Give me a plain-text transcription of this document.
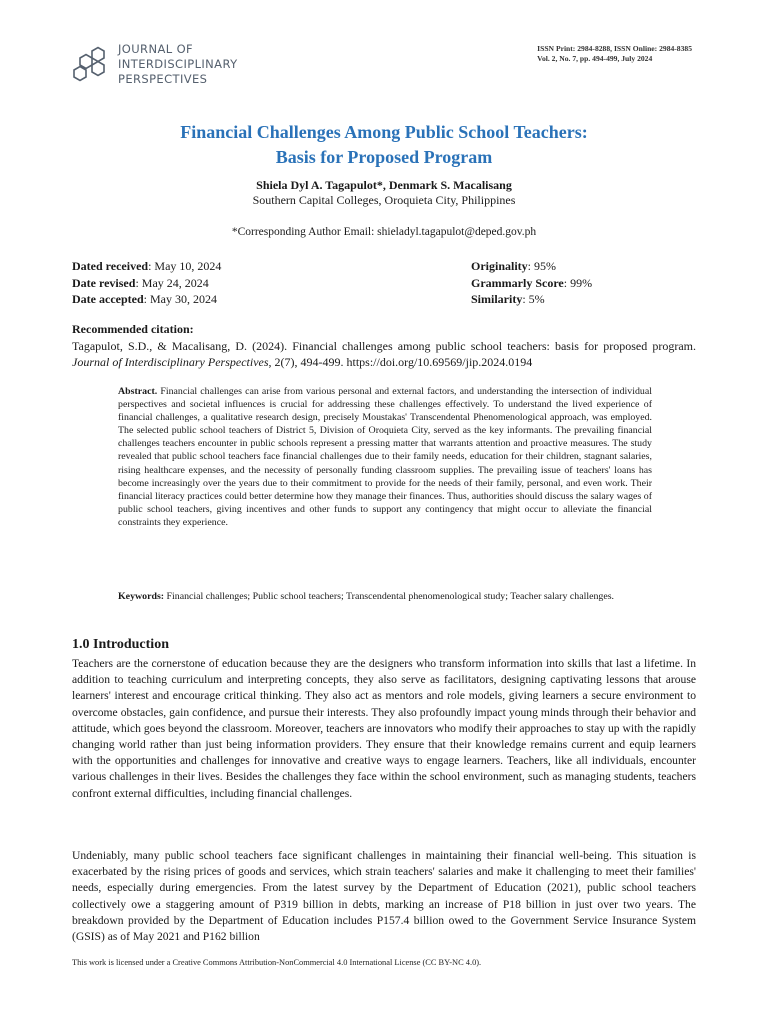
JOURNAL OF
INTERDISCIPLINARY
PERSPECTIVES
ISSN Print: 2984-8288, ISSN Online: 2984-8385
Vol. 2, No. 7, pp. 494-499, July 2024
Financial Challenges Among Public School Teachers:
Basis for Proposed Program
Shiela Dyl A. Tagapulot*, Denmark S. Macalisang
Southern Capital Colleges, Oroquieta City, Philippines
*Corresponding Author Email: shieladyl.tagapulot@deped.gov.ph
Dated received: May 10, 2024
Date revised: May 24, 2024
Date accepted: May 30, 2024
Originality: 95%
Grammarly Score: 99%
Similarity: 5%
Recommended citation:
Tagapulot, S.D., & Macalisang, D. (2024). Financial challenges among public school teachers: basis for proposed program. Journal of Interdisciplinary Perspectives, 2(7), 494-499. https://doi.org/10.69569/jip.2024.0194
Abstract. Financial challenges can arise from various personal and external factors, and understanding the intersection of individual perspectives and societal influences is crucial for addressing these challenges effectively. To understand the lived experience of financial challenges, a qualitative research design, precisely Moustakas' Transcendental Phenomenological approach, was employed. The selected public school teachers of District 5, Division of Oroquieta City, served as the key informants. The prevailing financial challenges teachers encounter in public schools represent a pressing matter that warrants attention and proactive measures. The study revealed that public school teachers face financial challenges due to their family needs, education for their children, stagnant salaries, rising healthcare expenses, and the necessity of personally funding classroom supplies. The prevailing issue of teachers' loans has become increasingly over the years due to their commitment to provide for the needs of their family, personal, and even work. Their financial literacy practices could better determine how they manage their finances. Thus, authorities should discuss the salary wages of public school teachers, giving incentives and other funds to support any contingency that might occur to alleviate the financial constraints they experience.
Keywords: Financial challenges; Public school teachers; Transcendental phenomenological study; Teacher salary challenges.
1.0 Introduction
Teachers are the cornerstone of education because they are the designers who transform information into skills that last a lifetime. In addition to teaching curriculum and interpreting concepts, they also serve as facilitators, designing captivating lessons that arouse learners' interest and encourage critical thinking. They also act as mentors and role models, giving learners a secure environment to overcome obstacles, gain confidence, and pursue their interests. They also profoundly impact young minds through their behavior and attitude, which goes beyond the classroom. Moreover, teachers are innovators who modify their approaches to stay up with the rapidly changing world rather than just being information providers. They ensure that their knowledge remains current and equip learners with the opportunities and challenges for innovative and creative ways to engage learners. Teachers, like all individuals, encounter various challenges in their lives. Besides the challenges they face within the school environment, such as managing students, teachers confront external difficulties, including financial challenges.
Undeniably, many public school teachers face significant challenges in maintaining their financial well-being. This situation is exacerbated by the rising prices of goods and services, which strain teachers' salaries and make it challenging to meet their families' needs, especially during emergencies. From the latest survey by the Department of Education (2021), public school teachers collectively owe a staggering amount of P319 billion in debts, marking an increase of P18 billion in just over two years. The breakdown provided by the Department of Education includes P157.4 billion owed to the Government Service Insurance System (GSIS) as of May 2021 and P162 billion
This work is licensed under a Creative Commons Attribution-NonCommercial 4.0 International License (CC BY-NC 4.0).
